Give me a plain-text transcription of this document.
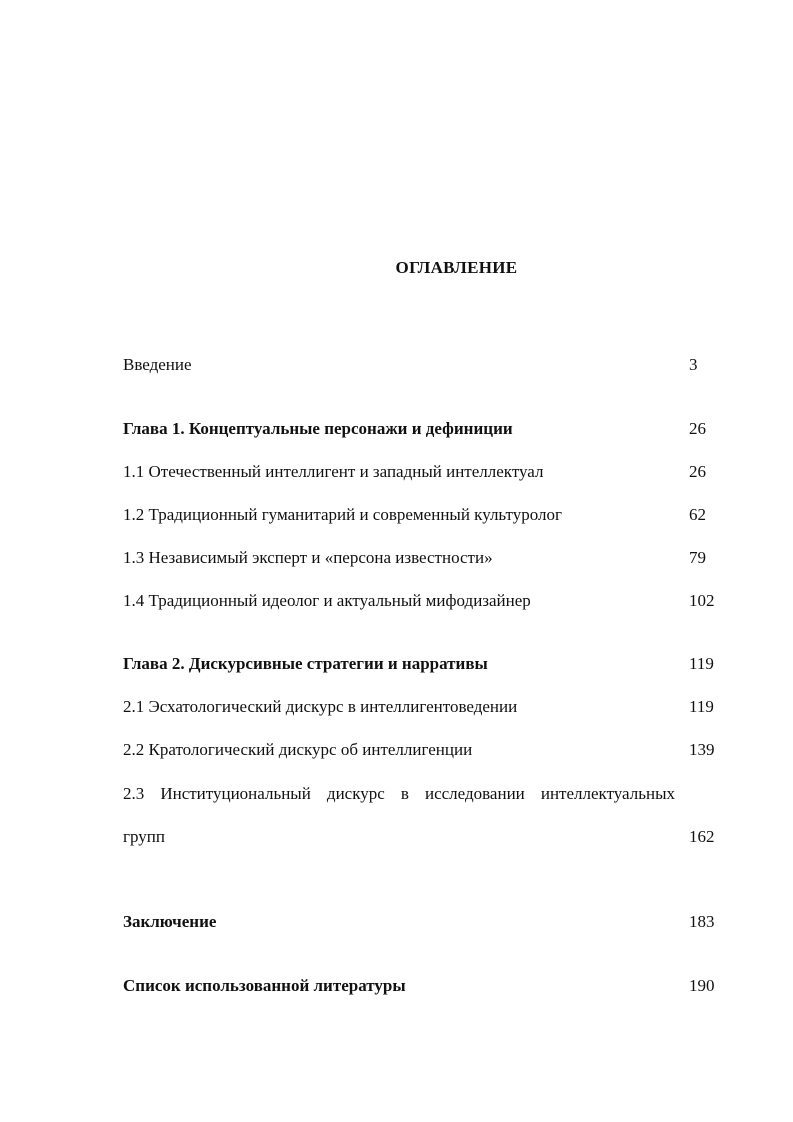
ОГЛАВЛЕНИЕ
Введение	3
Глава 1. Концептуальные персонажи и дефиниции	26
1.1 Отечественный интеллигент и западный интеллектуал	26
1.2 Традиционный гуманитарий и современный культуролог	62
1.3 Независимый эксперт и «персона известности»	79
1.4 Традиционный идеолог и актуальный мифодизайнер	102
Глава 2. Дискурсивные стратегии и нарративы	119
2.1 Эсхатологический дискурс в интеллигентоведении	119
2.2 Кратологический дискурс об интеллигенции	139
2.3 Институциональный дискурс в исследовании интеллектуальных
групп	162
Заключение	183
Список использованной литературы	190
